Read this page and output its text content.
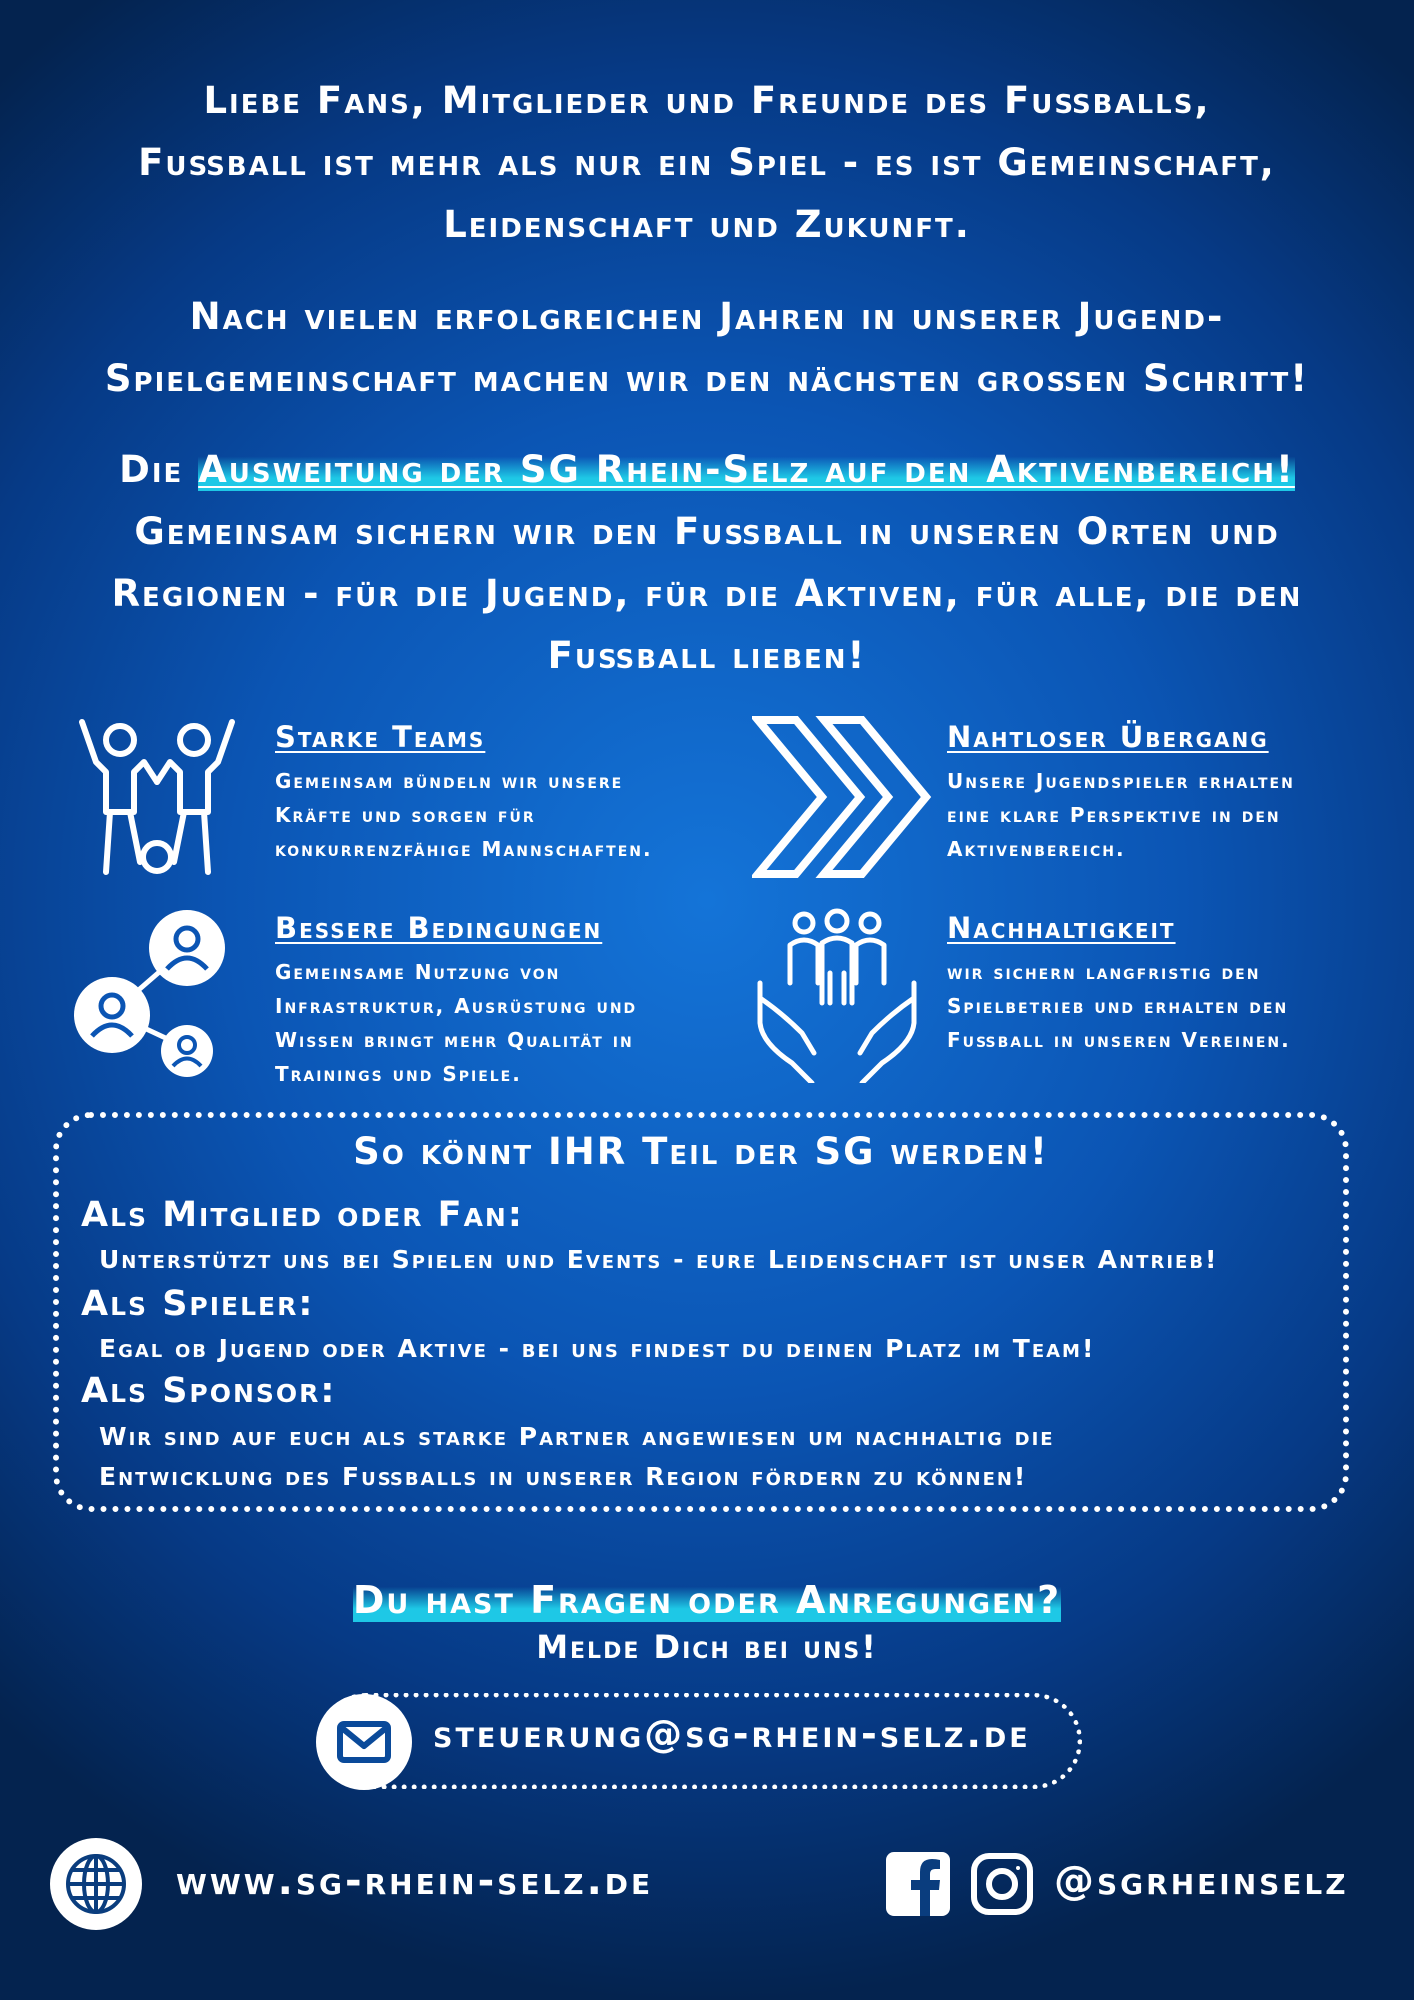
Liebe Fans, Mitglieder und Freunde des Fußballs,

Fußball ist mehr als nur ein Spiel - es ist Gemeinschaft,

Leidenschaft und Zukunft.

Nach vielen erfolgreichen Jahren in unserer Jugend-

Spielgemeinschaft machen wir den nächsten großen Schritt!

Die Ausweitung der SG Rhein-Selz auf den Aktivenbereich!

Gemeinsam sichern wir den Fußball in unseren Orten und

Regionen - für die Jugend, für die Aktiven, für alle, die den

Fußball lieben!

Starke Teams

Gemeinsam bündeln wir unsere

Kräfte und sorgen für

konkurrenzfähige Mannschaften.

Nahtloser Übergang

Unsere Jugendspieler erhalten

eine klare Perspektive in den

Aktivenbereich.

Bessere Bedingungen

Gemeinsame Nutzung von

Infrastruktur, Ausrüstung und

Wissen bringt mehr Qualität in

Trainings und Spiele.

Nachhaltigkeit

wir sichern langfristig den

Spielbetrieb und erhalten den

Fußball in unseren Vereinen.

So könnt IHR Teil der SG werden!
Als Mitglied oder Fan:

Unterstützt uns bei Spielen und Events - eure Leidenschaft ist unser Antrieb!

Als Spieler:

Egal ob Jugend oder Aktive - bei uns findest du deinen Platz im Team!

Als Sponsor:

Wir sind auf euch als starke Partner angewiesen um nachhaltig die

Entwicklung des Fußballs in unserer Region fördern zu können!

Du hast Fragen oder Anregungen?
Melde Dich bei uns!
steuerung@sg-rhein-selz.de
www.sg-rhein-selz.de	@sgrheinselz
